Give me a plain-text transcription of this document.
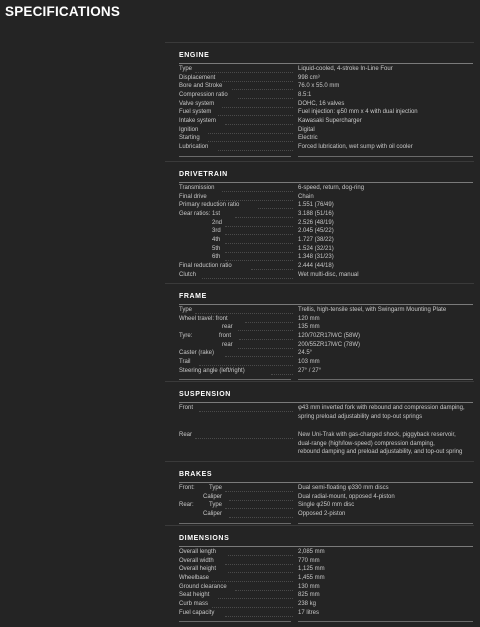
SPECIFICATIONS
ENGINE
Type	Liquid-cooled, 4-stroke In-Line Four
Displacement	998 cm³
Bore and Stroke	76.0 x 55.0 mm
Compression ratio	8.5:1
Valve system	DOHC, 16 valves
Fuel system	Fuel injection: φ50 mm x 4 with dual injection
Intake system	Kawasaki Supercharger
Ignition	Digital
Starting	Electric
Lubrication	Forced lubrication, wet sump with oil cooler
DRIVETRAIN
Transmission	6-speed, return, dog-ring
Final drive	Chain
Primary reduction ratio	1.551 (76/49)
Gear ratios: 1st	3.188 (51/16)
2nd	2.526 (48/19)
3rd	2.045 (45/22)
4th	1.727 (38/22)
5th	1.524 (32/21)
6th	1.348 (31/23)
Final reduction ratio	2.444 (44/18)
Clutch	Wet multi-disc, manual
FRAME
Type	Trellis, high-tensile steel, with Swingarm Mounting Plate
Wheel travel: front	120 mm
rear	135 mm
Tyre:	front	120/70ZR17M/C (58W)
rear	200/55ZR17M/C (78W)
Caster (rake)	24.5°
Trail	103 mm
Steering angle (left/right)	27° / 27°
SUSPENSION
Front	φ43 mm inverted fork with rebound and compression damping,
spring preload adjustability and top-out springs
Rear	New Uni-Trak with gas-charged shock, piggyback reservoir,
dual-range (high/low-speed) compression damping,
rebound damping and preload adjustability, and top-out spring
BRAKES
Front: Type	Dual semi-floating φ330 mm discs
Caliper	Dual radial-mount, opposed 4-piston
Rear:	Type	Single φ250 mm disc
Caliper	Opposed 2-piston
DIMENSIONS
Overall length	2,085 mm
Overall width	770 mm
Overall height	1,125 mm
Wheelbase	1,455 mm
Ground clearance	130 mm
Seat height	825 mm
Curb mass	238 kg
Fuel capacity	17 litres
